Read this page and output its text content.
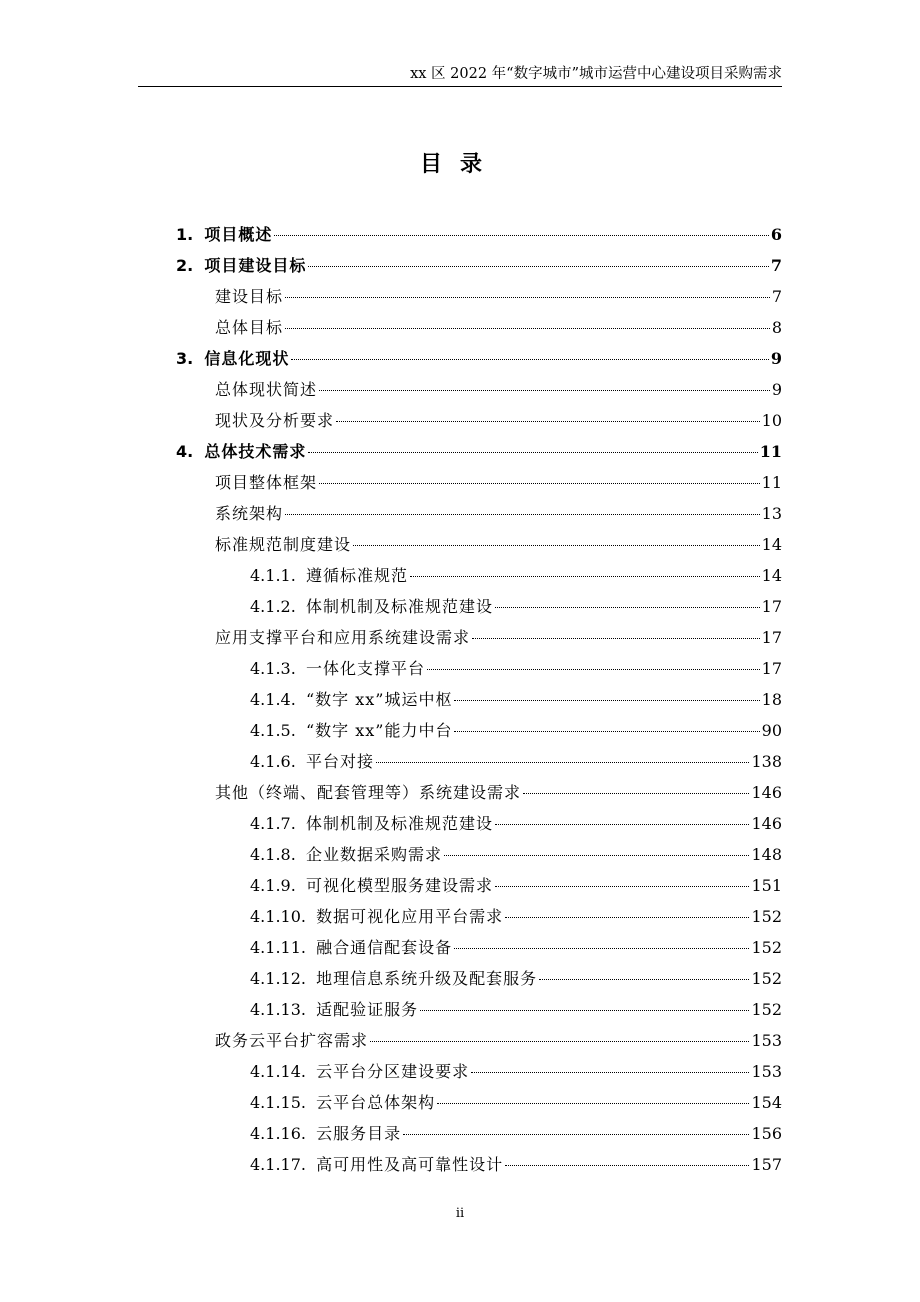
xx 区 2022 年“数字城市”城市运营中心建设项目采购需求
目录
1. 项目概述	6
2. 项目建设目标	7
建设目标	7
总体目标	8
3. 信息化现状	9
总体现状简述	9
现状及分析要求	10
4. 总体技术需求	11
项目整体框架	11
系统架构	13
标准规范制度建设	14
4.1.1. 遵循标准规范	14
4.1.2. 体制机制及标准规范建设	17
应用支撑平台和应用系统建设需求	17
4.1.3. 一体化支撑平台	17
4.1.4. “数字 xx”城运中枢	18
4.1.5. “数字 xx”能力中台	90
4.1.6. 平台对接	138
其他（终端、配套管理等）系统建设需求	146
4.1.7. 体制机制及标准规范建设	146
4.1.8. 企业数据采购需求	148
4.1.9. 可视化模型服务建设需求	151
4.1.10. 数据可视化应用平台需求	152
4.1.11. 融合通信配套设备	152
4.1.12. 地理信息系统升级及配套服务	152
4.1.13. 适配验证服务	152
政务云平台扩容需求	153
4.1.14. 云平台分区建设要求	153
4.1.15. 云平台总体架构	154
4.1.16. 云服务目录	156
4.1.17. 高可用性及高可靠性设计	157
ii
